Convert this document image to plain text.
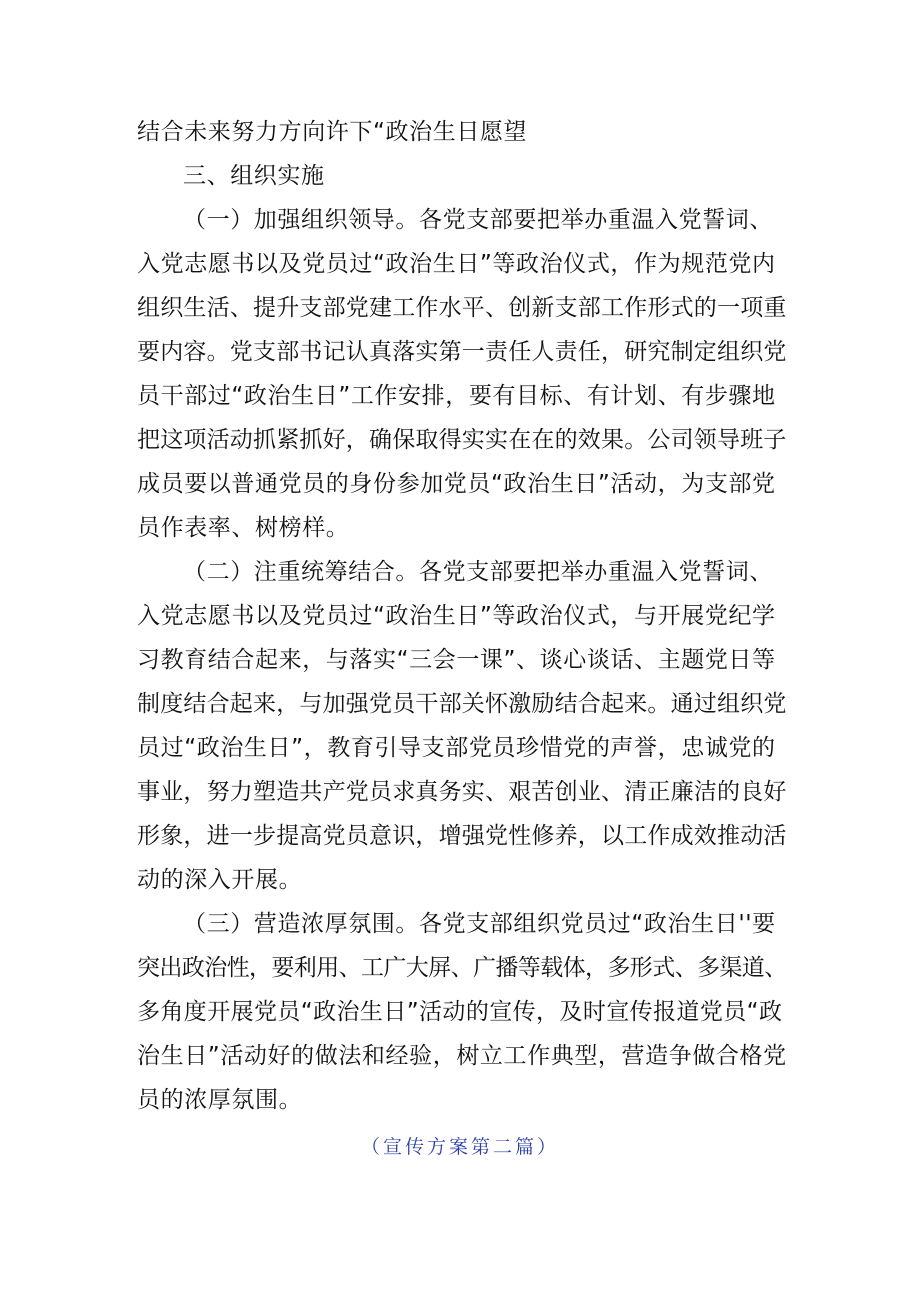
结合未来努力方向许下“政治生日愿望
三、组织实施
（一）加强组织领导。各党支部要把举办重温入党誓词、
入党志愿书以及党员过“政治生日”等政治仪式，作为规范党内
组织生活、提升支部党建工作水平、创新支部工作形式的一项重
要内容。党支部书记认真落实第一责任人责任，研究制定组织党
员干部过“政治生日”工作安排，要有目标、有计划、有步骤地
把这项活动抓紧抓好，确保取得实实在在的效果。公司领导班子
成员要以普通党员的身份参加党员“政治生日”活动，为支部党
员作表率、树榜样。
（二）注重统筹结合。各党支部要把举办重温入党誓词、
入党志愿书以及党员过“政治生日”等政治仪式，与开展党纪学
习教育结合起来，与落实“三会一课”、谈心谈话、主题党日等
制度结合起来，与加强党员干部关怀激励结合起来。通过组织党
员过“政治生日”，教育引导支部党员珍惜党的声誉，忠诚党的
事业，努力塑造共产党员求真务实、艰苦创业、清正廉洁的良好
形象，进一步提高党员意识，增强党性修养，以工作成效推动活
动的深入开展。
（三）营造浓厚氛围。各党支部组织党员过“政治生日''要
突出政治性，要利用、工广大屏、广播等载体，多形式、多渠道、
多角度开展党员“政治生日”活动的宣传，及时宣传报道党员“政
治生日”活动好的做法和经验，树立工作典型，营造争做合格党
员的浓厚氛围。
（宣传方案第二篇）
